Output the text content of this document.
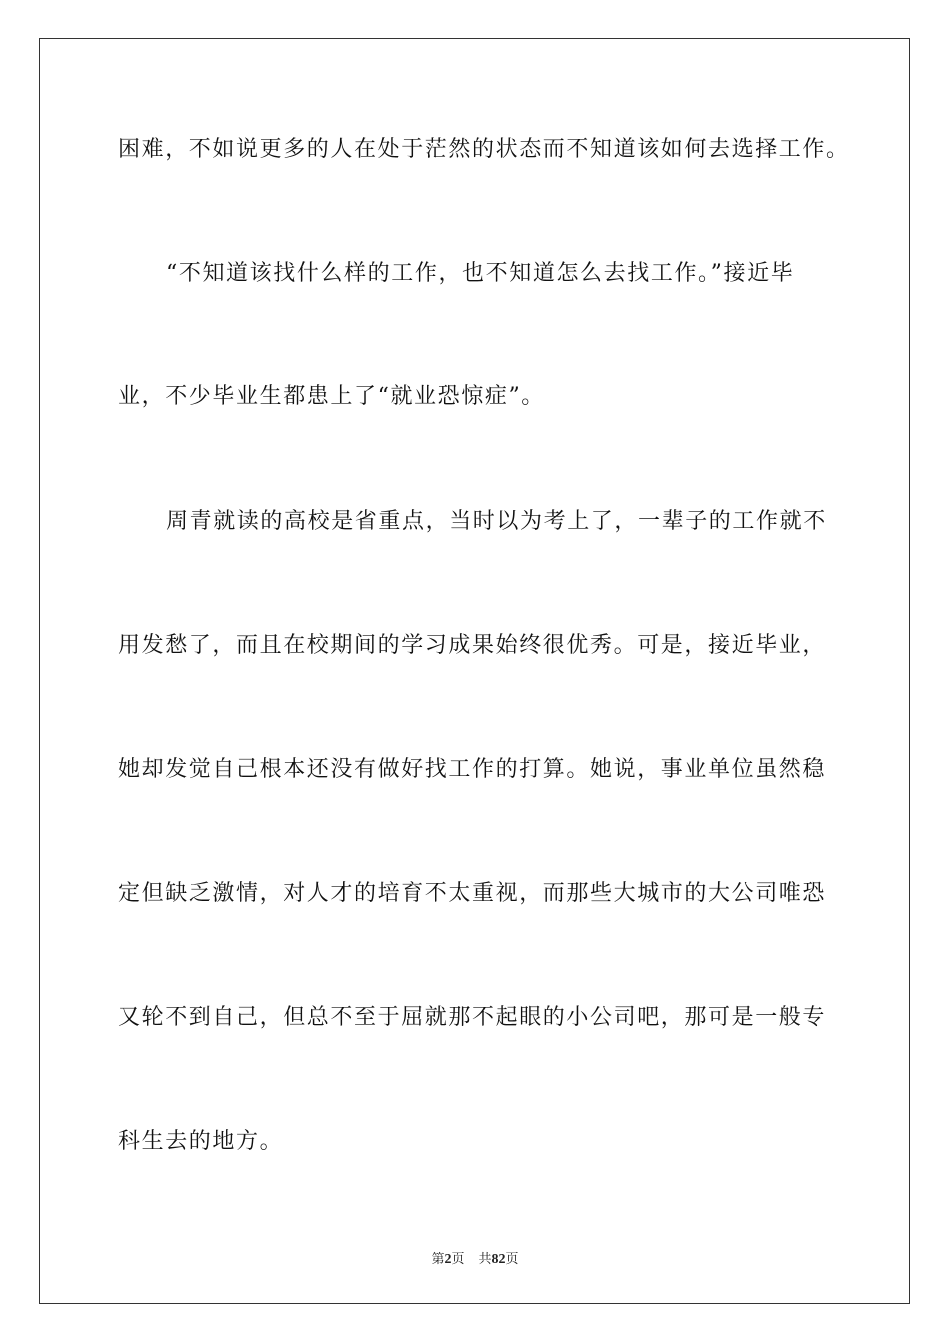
困难，不如说更多的人在处于茫然的状态而不知道该如何去选择工作。

“不知道该找什么样的工作，也不知道怎么去找工作。”接近毕

业，不少毕业生都患上了“就业恐惊症”。

周青就读的高校是省重点，当时以为考上了，一辈子的工作就不

用发愁了，而且在校期间的学习成果始终很优秀。可是，接近毕业，

她却发觉自己根本还没有做好找工作的打算。她说，事业单位虽然稳

定但缺乏激情，对人才的培育不太重视，而那些大城市的大公司唯恐

又轮不到自己，但总不至于屈就那不起眼的小公司吧，那可是一般专

科生去的地方。

第2页 共82页
